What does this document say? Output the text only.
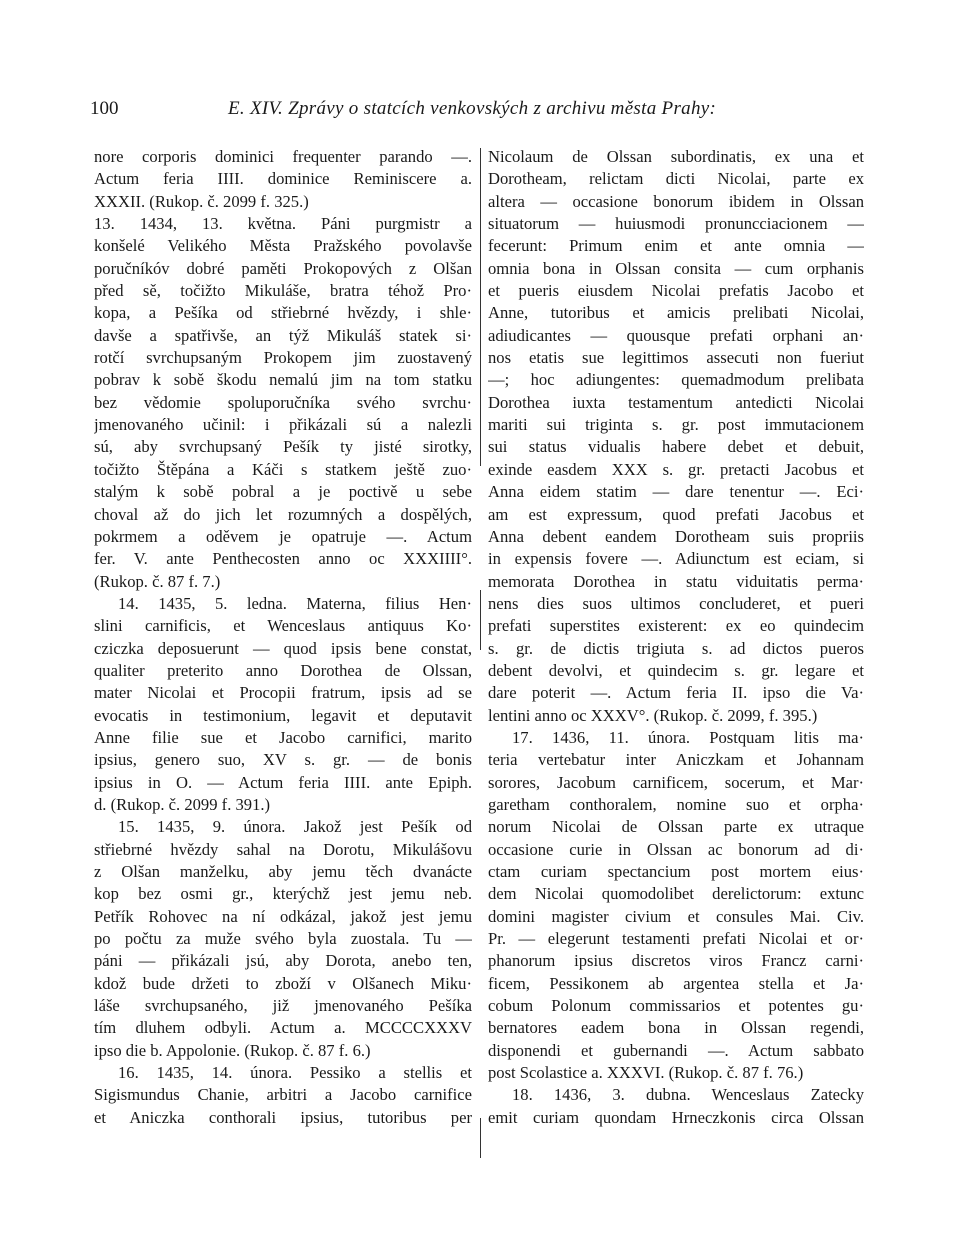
100	E. XIV. Zprávy o statcích venkovských z archivu města Prahy:
nore corporis dominici frequenter parando —.
Actum feria IIII. dominice Reminiscere a.
XXXII. (Rukop. č. 2099 f. 325.)
13. 1434, 13. května. Páni purgmistr a
konšelé Velikého Města Pražského povolavše
poručníkóv dobré paměti Prokopových z Olšan
před sě, točižto Mikuláše, bratra téhož Pro·
kopa, a Pešíka od střiebrné hvězdy, i shle·
davše a spatřivše, an týž Mikuláš statek si·
rotčí svrchupsaným Prokopem jim zuostavený
pobrav k sobě škodu nemalú jim na tom statku
bez vědomie spoluporučníka svého svrchu·
jmenovaného učinil: i přikázali sú a nalezli
sú, aby svrchupsaný Pešík ty jisté sirotky,
točižto Štěpána a Káči s statkem ještě zuo·
stalým k sobě pobral a je poctivě u sebe
choval až do jich let rozumných a dospělých,
pokrmem a oděvem je opatruje —. Actum
fer. V. ante Penthecosten anno oc XXXIIII°.
(Rukop. č. 87 f. 7.)
14. 1435, 5. ledna. Materna, filius Hen·
slini carnificis, et Wenceslaus antiquus Ko·
cziczka deposuerunt — quod ipsis bene constat,
qualiter preterito anno Dorothea de Olssan,
mater Nicolai et Procopii fratrum, ipsis ad se
evocatis in testimonium, legavit et deputavit
Anne filie sue et Jacobo carnifici, marito
ipsius, genero suo, XV s. gr. — de bonis
ipsius in O. — Actum feria IIII. ante Epiph.
d. (Rukop. č. 2099 f. 391.)
15. 1435, 9. února. Jakož jest Pešík od
střiebrné hvězdy sahal na Dorotu, Mikulášovu
z Olšan manželku, aby jemu těch dvanácte
kop bez osmi gr., kterýchž jest jemu neb.
Petřík Rohovec na ní odkázal, jakož jest jemu
po počtu za muže svého byla zuostala. Tu —
páni — přikázali jsú, aby Dorota, anebo ten,
kdož bude držeti to zboží v Olšanech Miku·
láše svrchupsaného, již jmenovaného Pešíka
tím dluhem odbyli. Actum a. MCCCCXXXV
ipso die b. Appolonie. (Rukop. č. 87 f. 6.)
16. 1435, 14. února. Pessiko a stellis et
Sigismundus Chanie, arbitri a Jacobo carnifice
et Aniczka conthorali ipsius, tutoribus per
Nicolaum de Olssan subordinatis, ex una et
Dorotheam, relictam dicti Nicolai, parte ex
altera — occasione bonorum ibidem in Olssan
situatorum — huiusmodi pronuncciacionem —
fecerunt: Primum enim et ante omnia —
omnia bona in Olssan consita — cum orphanis
et pueris eiusdem Nicolai prefatis Jacobo et
Anne, tutoribus et amicis prelibati Nicolai,
adiudicantes — quousque prefati orphani an·
nos etatis sue legittimos assecuti non fueriut
—; hoc adiungentes: quemadmodum prelibata
Dorothea iuxta testamentum antedicti Nicolai
mariti sui triginta s. gr. post immutacionem
sui status vidualis habere debet et debuit,
exinde easdem XXX s. gr. pretacti Jacobus et
Anna eidem statim — dare tenentur —. Eci·
am est expressum, quod prefati Jacobus et
Anna debent eandem Dorotheam suis propriis
in expensis fovere —. Adiunctum est eciam, si
memorata Dorothea in statu viduitatis perma·
nens dies suos ultimos concluderet, et pueri
prefati superstites existerent: ex eo quindecim
s. gr. de dictis trigiuta s. ad dictos pueros
debent devolvi, et quindecim s. gr. legare et
dare poterit —. Actum feria II. ipso die Va·
lentini anno oc XXXV°. (Rukop. č. 2099, f. 395.)
17. 1436, 11. února. Postquam litis ma·
teria vertebatur inter Aniczkam et Johannam
sorores, Jacobum carnificem, socerum, et Mar·
garetham conthoralem, nomine suo et orpha·
norum Nicolai de Olssan parte ex utraque
occasione curie in Olssan ac bonorum ad di·
ctam curiam spectancium post mortem eius·
dem Nicolai quomodolibet derelictorum: extunc
domini magister civium et consules Mai. Civ.
Pr. — elegerunt testamenti prefati Nicolai et or·
phanorum ipsius discretos viros Francz carni·
ficem, Pessikonem ab argentea stella et Ja·
cobum Polonum commissarios et potentes gu·
bernatores eadem bona in Olssan regendi,
disponendi et gubernandi —. Actum sabbato
post Scolastice a. XXXVI. (Rukop. č. 87 f. 76.)
18. 1436, 3. dubna. Wenceslaus Zatecky
emit curiam quondam Hrneczkonis circa Olssan
